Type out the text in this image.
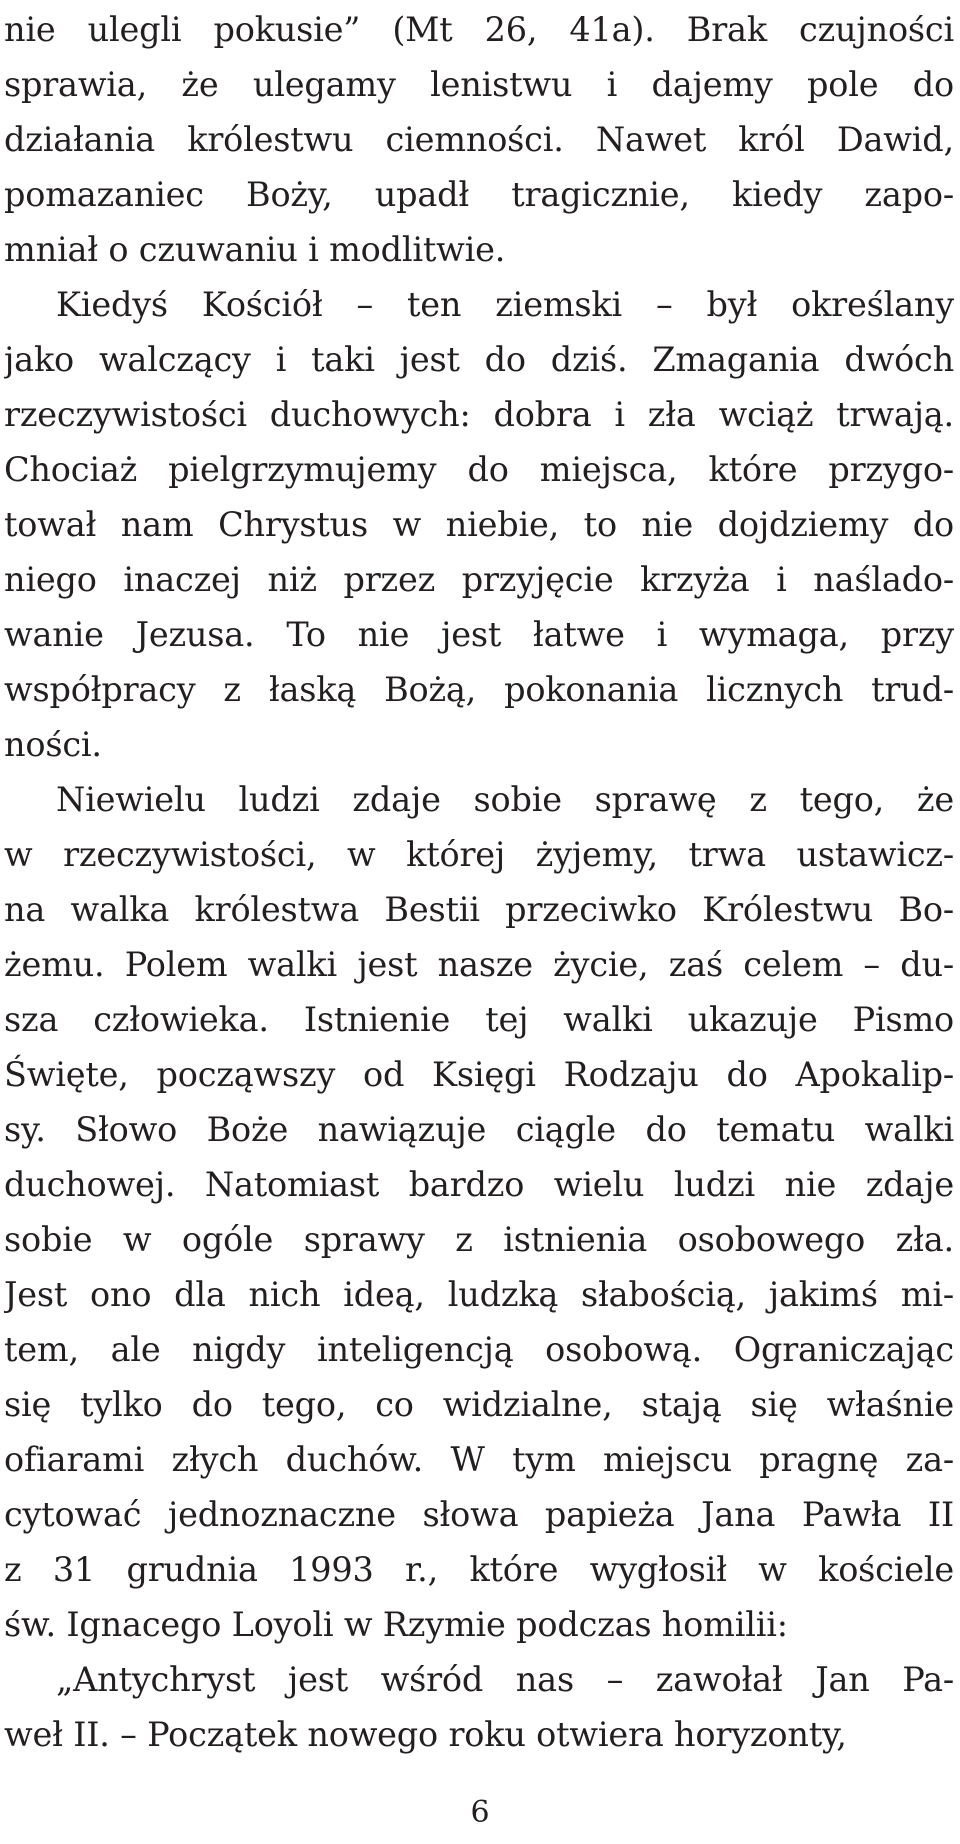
nie ulegli pokusie” (Mt 26, 41a). Brak czujności
sprawia, że ulegamy lenistwu i dajemy pole do
działania królestwu ciemności. Nawet król Dawid,
pomazaniec Boży, upadł tragicznie, kiedy zapo-
mniał o czuwaniu i modlitwie.
Kiedyś Kościół – ten ziemski – był określany
jako walczący i taki jest do dziś. Zmagania dwóch
rzeczywistości duchowych: dobra i zła wciąż trwają.
Chociaż pielgrzymujemy do miejsca, które przygo-
tował nam Chrystus w niebie, to nie dojdziemy do
niego inaczej niż przez przyjęcie krzyża i naślado-
wanie Jezusa. To nie jest łatwe i wymaga, przy
współpracy z łaską Bożą, pokonania licznych trud-
ności.
Niewielu ludzi zdaje sobie sprawę z tego, że
w rzeczywistości, w której żyjemy, trwa ustawicz-
na walka królestwa Bestii przeciwko Królestwu Bo-
żemu. Polem walki jest nasze życie, zaś celem – du-
sza człowieka. Istnienie tej walki ukazuje Pismo
Święte, począwszy od Księgi Rodzaju do Apokalip-
sy. Słowo Boże nawiązuje ciągle do tematu walki
duchowej. Natomiast bardzo wielu ludzi nie zdaje
sobie w ogóle sprawy z istnienia osobowego zła.
Jest ono dla nich ideą, ludzką słabością, jakimś mi-
tem, ale nigdy inteligencją osobową. Ograniczając
się tylko do tego, co widzialne, stają się właśnie
ofiarami złych duchów. W tym miejscu pragnę za-
cytować jednoznaczne słowa papieża Jana Pawła II
z 31 grudnia 1993 r., które wygłosił w kościele
św. Ignacego Loyoli w Rzymie podczas homilii:
„Antychryst jest wśród nas – zawołał Jan Pa-
weł II. – Początek nowego roku otwiera horyzonty,
6
